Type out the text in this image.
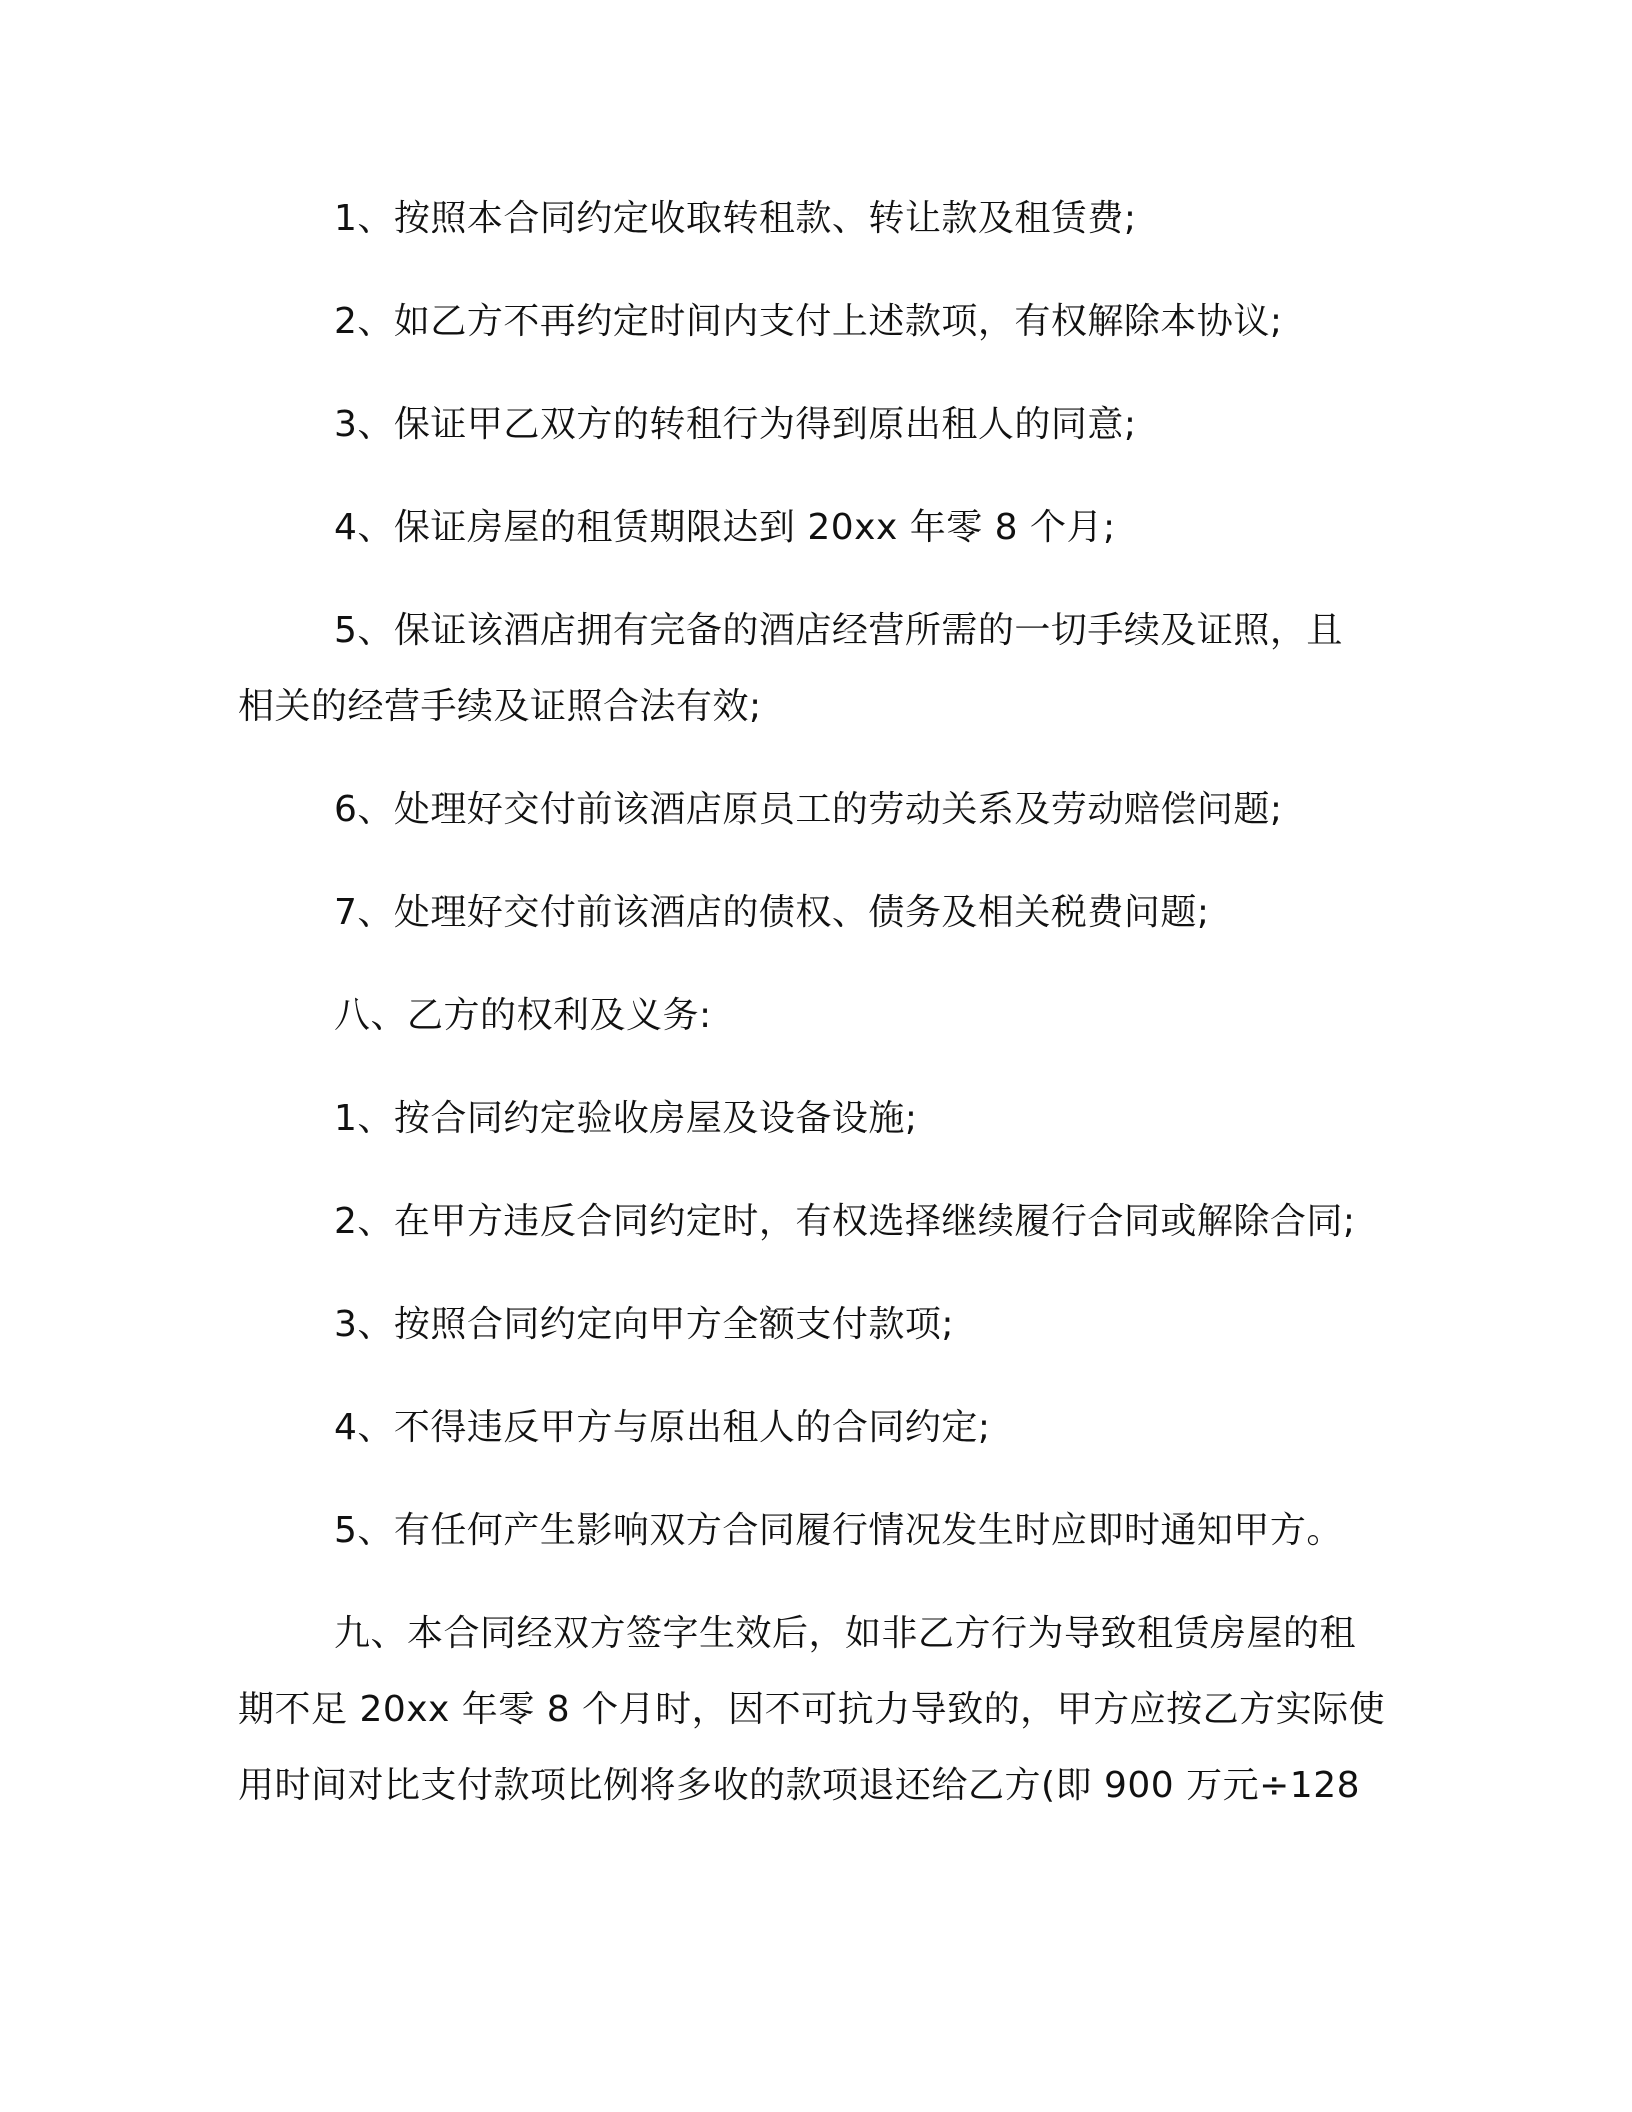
1、按照本合同约定收取转租款、转让款及租赁费;
2、如乙方不再约定时间内支付上述款项，有权解除本协议;
3、保证甲乙双方的转租行为得到原出租人的同意;
4、保证房屋的租赁期限达到 20xx 年零 8 个月;
5、保证该酒店拥有完备的酒店经营所需的一切手续及证照，且
相关的经营手续及证照合法有效;
6、处理好交付前该酒店原员工的劳动关系及劳动赔偿问题;
7、处理好交付前该酒店的债权、债务及相关税费问题;
八、乙方的权利及义务:
1、按合同约定验收房屋及设备设施;
2、在甲方违反合同约定时，有权选择继续履行合同或解除合同;
3、按照合同约定向甲方全额支付款项;
4、不得违反甲方与原出租人的合同约定;
5、有任何产生影响双方合同履行情况发生时应即时通知甲方。
九、本合同经双方签字生效后，如非乙方行为导致租赁房屋的租
期不足 20xx 年零 8 个月时，因不可抗力导致的，甲方应按乙方实际使
用时间对比支付款项比例将多收的款项退还给乙方(即 900 万元÷128
